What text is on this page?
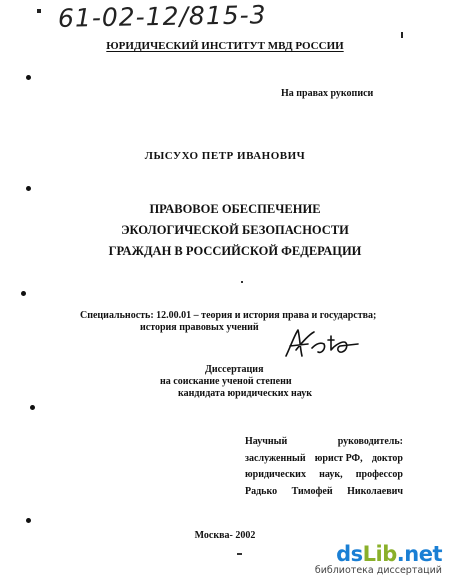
61-02-12/815-3
ЮРИДИЧЕСКИЙ ИНСТИТУТ МВД РОССИИ
На правах рукописи
ЛЫСУХО ПЕТР ИВАНОВИЧ
ПРАВОВОЕ ОБЕСПЕЧЕНИЕ ЭКОЛОГИЧЕСКОЙ БЕЗОПАСНОСТИ ГРАЖДАН В РОССИЙСКОЙ ФЕДЕРАЦИИ
Специальность: 12.00.01 – теория и история права и государства;
история правовых учений
Диссертация
на соискание ученой степени
кандидата юридических наук
Научный	руководитель:
заслуженный юрист РФ, доктор
юридических наук, профессор
Радько Тимофей Николаевич
Москва- 2002
dsLib.net
библиотека диссертаций
